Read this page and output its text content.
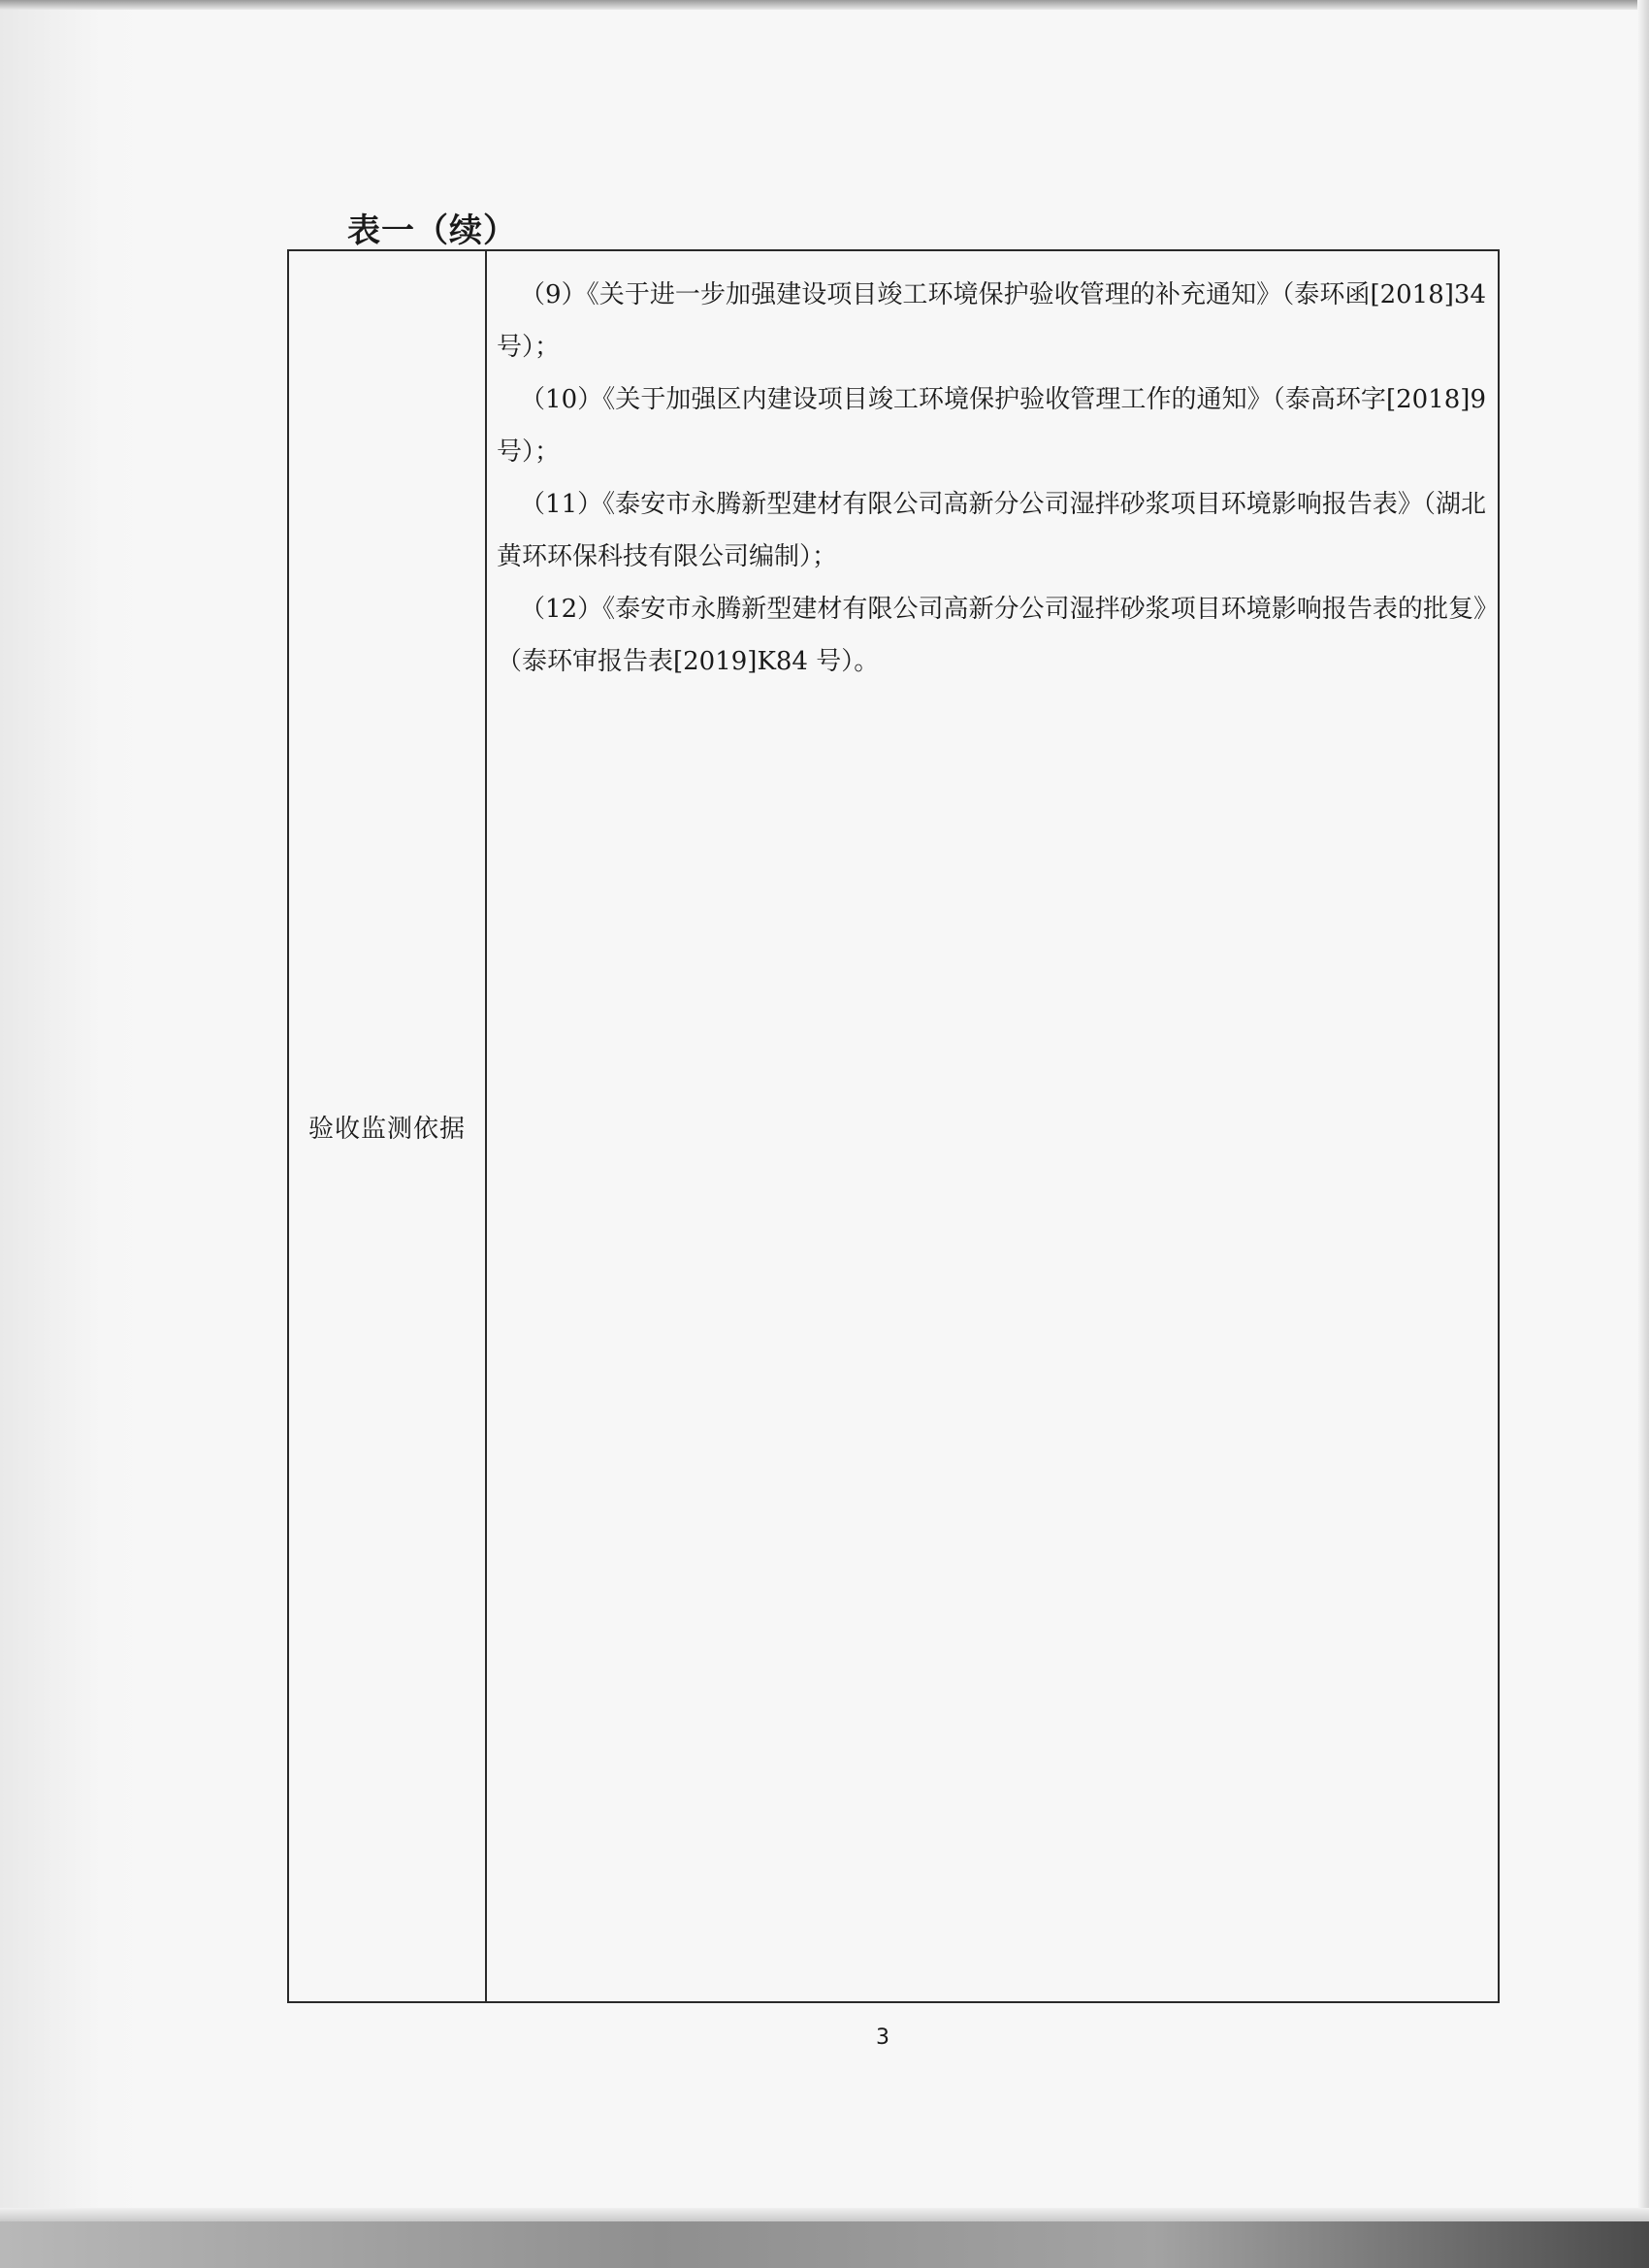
表一（续）
验收监测依据

（9）《关于进一步加强建设项目竣工环境保护验收管理的补充通知》（泰环函[2018]34 号）；

（10）《关于加强区内建设项目竣工环境保护验收管理工作的通知》（泰高环字[2018]9 号）；

（11）《泰安市永腾新型建材有限公司高新分公司湿拌砂浆项目环境影响报告表》（湖北黄环环保科技有限公司编制）；

（12）《泰安市永腾新型建材有限公司高新分公司湿拌砂浆项目环境影响报告表的批复》（泰环审报告表[2019]K84 号）。

3
